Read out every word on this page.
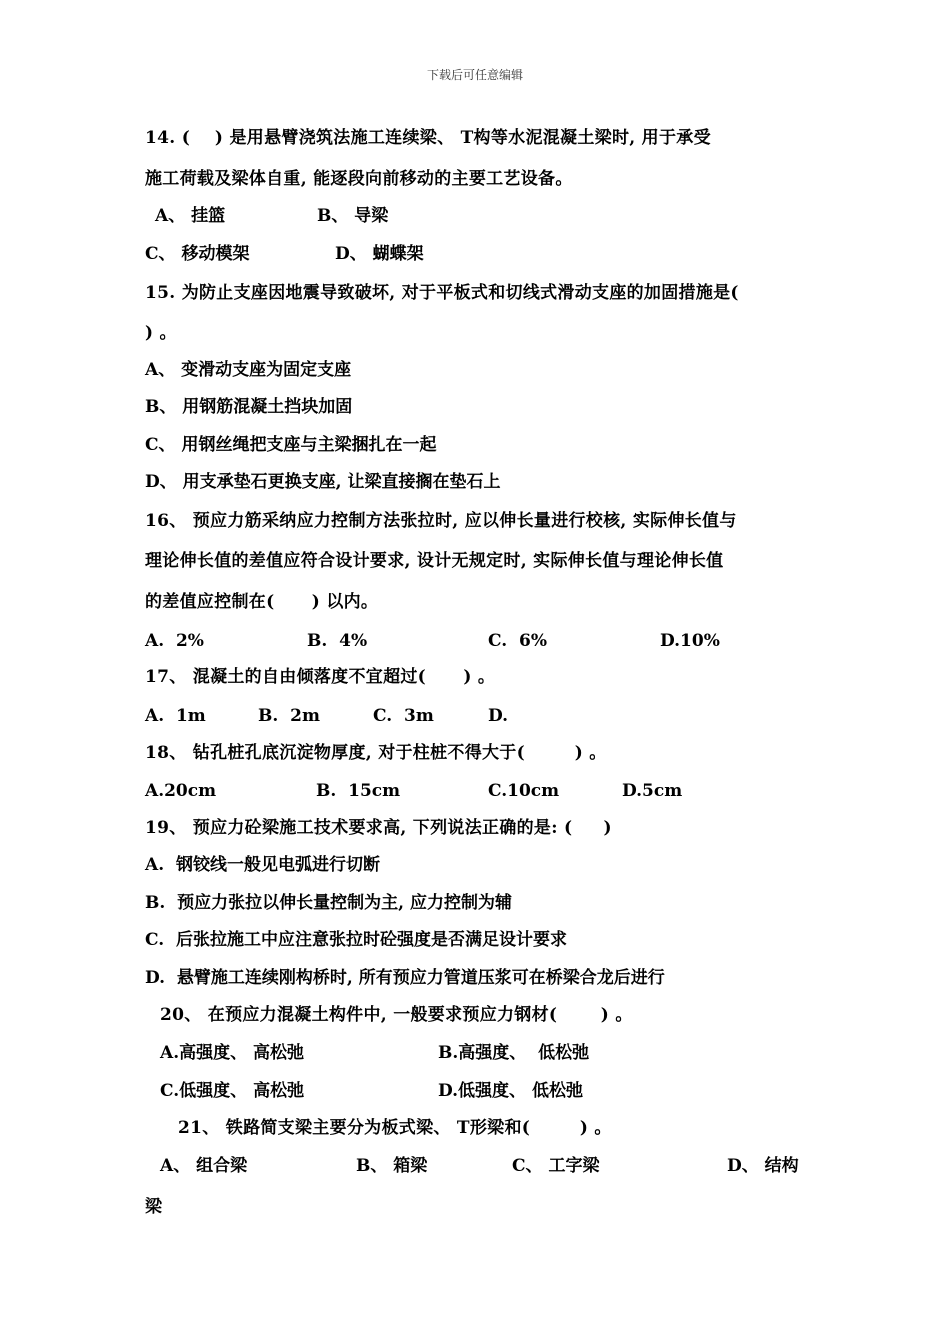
下载后可任意编辑
14. (    ) 是用悬臂浇筑法施工连续梁、 T构等水泥混凝土梁时, 用于承受
施工荷载及梁体自重, 能逐段向前移动的主要工艺设备。
A、 挂篮	B、 导梁
C、 移动模架	D、 蝴蝶架
15. 为防止支座因地震导致破坏, 对于平板式和切线式滑动支座的加固措施是(
) 。
A、 变滑动支座为固定支座
B、 用钢筋混凝土挡块加固
C、 用钢丝绳把支座与主梁捆扎在一起
D、 用支承垫石更换支座, 让梁直接搁在垫石上
16、 预应力筋采纳应力控制方法张拉时, 应以伸长量进行校核, 实际伸长值与
理论伸长值的差值应符合设计要求, 设计无规定时, 实际伸长值与理论伸长值
的差值应控制在(      ) 以内。
A.  2%	B.  4%	C.  6%	D.10%
17、 混凝土的自由倾落度不宜超过(      ) 。
A.  1m	B.  2m	C.  3m	D.
18、 钻孔桩孔底沉淀物厚度, 对于柱桩不得大于(        ) 。
A.20cm	B.  15cm	C.10cm	D.5cm
19、 预应力砼梁施工技术要求高, 下列说法正确的是: (     )
A.  钢铰线一般见电弧进行切断
B.  预应力张拉以伸长量控制为主, 应力控制为辅
C.  后张拉施工中应注意张拉时砼强度是否满足设计要求
D.  悬臂施工连续刚构桥时, 所有预应力管道压浆可在桥梁合龙后进行
20、 在预应力混凝土构件中, 一般要求预应力钢材(       ) 。
A.高强度、 高松弛	B.高强度、  低松弛
C.低强度、 高松弛	D.低强度、 低松弛
21、 铁路简支梁主要分为板式梁、 T形梁和(        ) 。
A、 组合梁	B、 箱梁	C、 工字梁	D、 结构
梁
